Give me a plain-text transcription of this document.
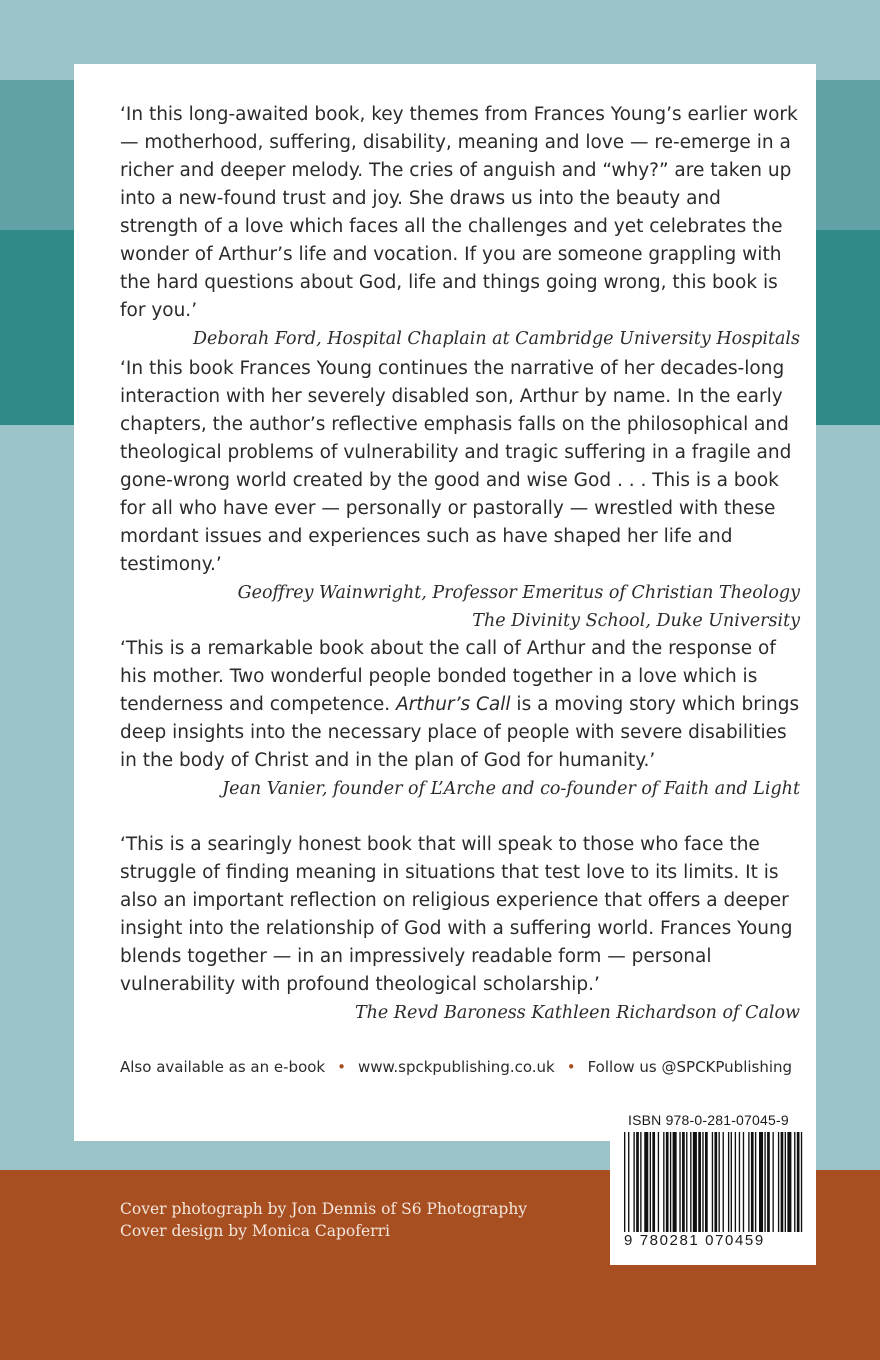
‘In this long-awaited book, key themes from Frances Young’s earlier work — motherhood, suffering, disability, meaning and love — re-emerge in a richer and deeper melody. The cries of anguish and “why?” are taken up into a new-found trust and joy. She draws us into the beauty and strength of a love which faces all the challenges and yet celebrates the wonder of Arthur’s life and vocation. If you are someone grappling with the hard questions about God, life and things going wrong, this book is for you.’

Deborah Ford, Hospital Chaplain at Cambridge University Hospitals

‘In this book Frances Young continues the narrative of her decades-long interaction with her severely disabled son, Arthur by name. In the early chapters, the author’s reflective emphasis falls on the philosophical and theological problems of vulnerability and tragic suffering in a fragile and gone-wrong world created by the good and wise God . . . This is a book for all who have ever — personally or pastorally — wrestled with these mordant issues and experiences such as have shaped her life and testimony.’

Geoffrey Wainwright, Professor Emeritus of Christian Theology

The Divinity School, Duke University

‘This is a remarkable book about the call of Arthur and the response of his mother. Two wonderful people bonded together in a love which is tenderness and competence. Arthur’s Call is a moving story which brings deep insights into the necessary place of people with severe disabilities in the body of Christ and in the plan of God for humanity.’

Jean Vanier, founder of L’Arche and co-founder of Faith and Light

‘This is a searingly honest book that will speak to those who face the struggle of finding meaning in situations that test love to its limits. It is also an important reflection on religious experience that offers a deeper insight into the relationship of God with a suffering world. Frances Young blends together — in an impressively readable form — personal vulnerability with profound theological scholarship.’

The Revd Baroness Kathleen Richardson of Calow

Also available as an e-book • www.spckpublishing.co.uk • Follow us @SPCKPublishing
Cover photograph by Jon Dennis of S6 Photography
Cover design by Monica Capoferri
ISBN 978-0-281-07045-9
9 780281 070459
